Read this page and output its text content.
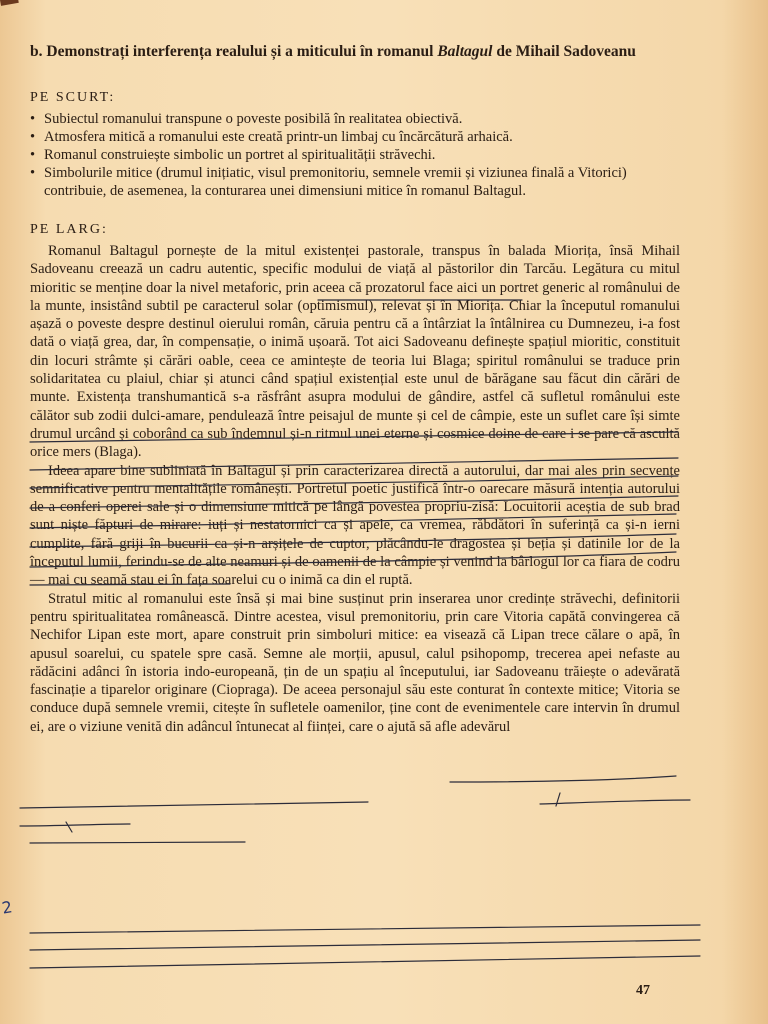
b. Demonstrați interferența realului și a miticului în romanul Baltagul de Mihail Sadoveanu
PE SCURT:
• Subiectul romanului transpune o poveste posibilă în realitatea obiectivă.
• Atmosfera mitică a romanului este creată printr-un limbaj cu încărcătură arhaică.
• Romanul construiește simbolic un portret al spiritualității străvechi.
• Simbolurile mitice (drumul inițiatic, visul premonitoriu, semnele vremii și viziunea finală a Vitorici) contribuie, de asemenea, la conturarea unei dimensiuni mitice în romanul Baltagul.
PE LARG:

Romanul Baltagul pornește de la mitul existenței pastorale, transpus în balada Miorița, însă Mihail Sadoveanu creează un cadru autentic, specific modului de viață al păstorilor din Tarcău. Legătura cu mitul mioritic se menține doar la nivel metaforic, prin aceea că prozatorul face aici un portret generic al românului de la munte, insistând subtil pe caracterul solar (optimismul), relevat și în Miorița. Chiar la începutul romanului așază o poveste despre destinul oierului român, căruia pentru că a întârziat la întâlnirea cu Dumnezeu, i-a fost dată o viață grea, dar, în compensație, o inimă ușoară. Tot aici Sadoveanu definește spațiul mioritic, constituit din locuri strâmte și cărări oable, ceea ce amintește de teoria lui Blaga; spiritul românului se traduce prin solidaritatea cu plaiul, chiar și atunci când spațiul existențial este unul de bărăgane sau făcut din cărări de munte. Existența transhumantică s-a răsfrânt asupra modului de gândire, astfel că sufletul românului este călător sub zodii dulci-amare, pendulează între peisajul de munte și cel de câmpie, este un suflet care își simte drumul urcând și coborând ca sub îndemnul și-n ritmul unei eterne și cosmice doine de care i se pare că ascultă orice mers (Blaga).

Ideea apare bine subliniată în Baltagul și prin caracterizarea directă a autorului, dar mai ales prin secvențe semnificative pentru mentalitățile românești. Portretul poetic justifică într-o oarecare măsură intenția autorului de a conferi operei sale și o dimensiune mitică pe lângă povestea propriu-zisă: Locuitorii aceștia de sub brad sunt niște făpturi de mirare: iuți și nestatornici ca și apele, ca vremea, răbdători în suferință ca și-n ierni cumplite, fără griji în bucurii ca și-n arșițele de cuptor, plăcându-le dragostea și beția și datinile lor de la începutul lumii, ferindu-se de alte neamuri și de oamenii de la câmpie și venind la bârlogul lor ca fiara de codru — mai cu seamă stau ei în fața soarelui cu o inimă ca din el ruptă.

Stratul mitic al romanului este însă și mai bine susținut prin inserarea unor credințe străvechi, definitorii pentru spiritualitatea românească. Dintre acestea, visul premonitoriu, prin care Vitoria capătă convingerea că Nechifor Lipan este mort, apare construit prin simboluri mitice: ea visează că Lipan trece călare o apă, în apusul soarelui, cu spatele spre casă. Semne ale morții, apusul, calul psihopomp, trecerea apei nefaste au rădăcini adânci în istoria indo-europeană, țin de un spațiu al începutului, iar Sadoveanu trăiește o adevărată fascinație a tiparelor originare (Ciopraga). De aceea personajul său este conturat în contexte mitice; Vitoria se conduce după semnele vremii, citește în sufletele oamenilor, ține cont de evenimentele care intervin în drumul ei, are o viziune venită din adâncul întunecat al ființei, care o ajută să afle adevărul

2
47
